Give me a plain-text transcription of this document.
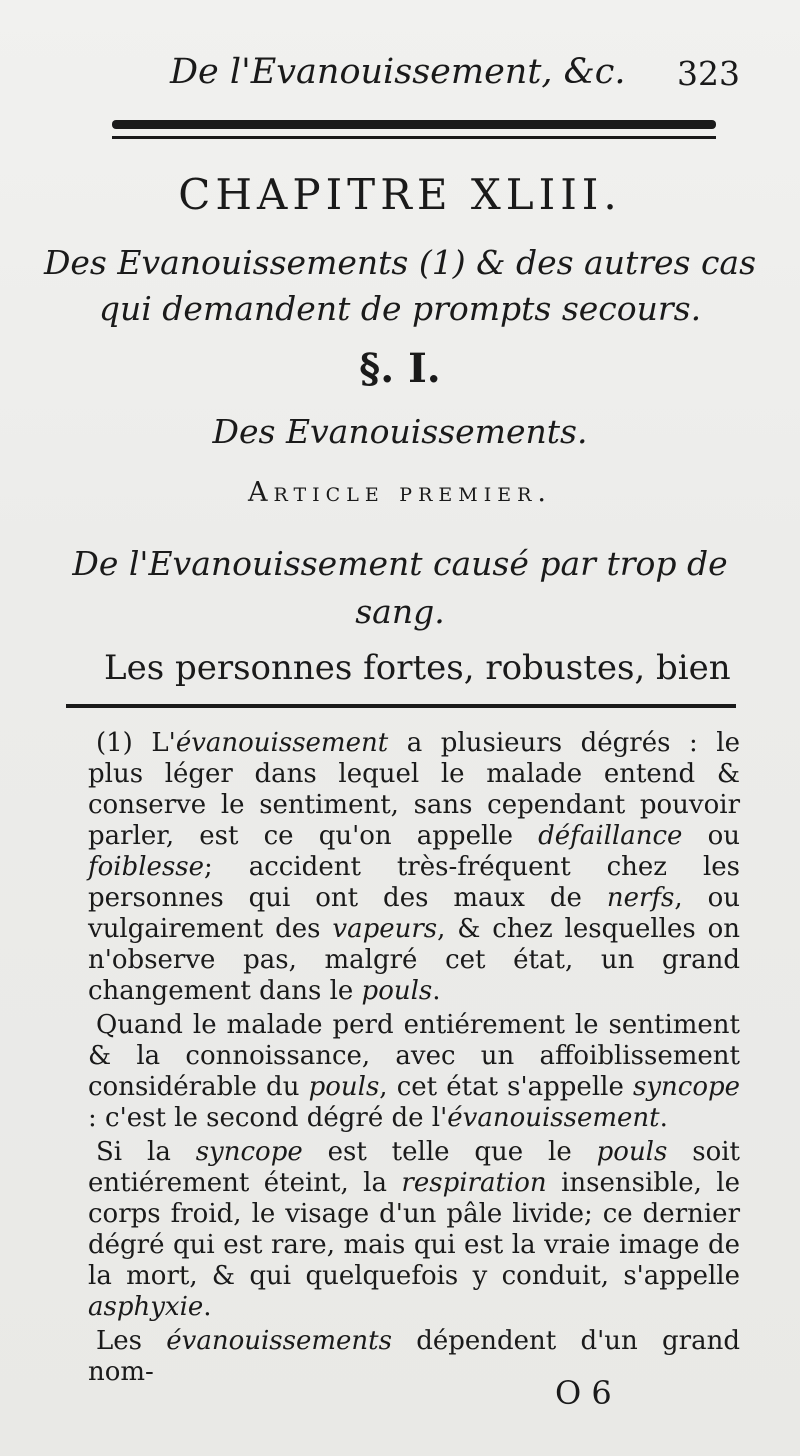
De l'Evanouissement, &c. 323
CHAPITRE XLIII.
Des Evanouissements (1) & des autres cas
qui demandent de prompts secours.
§. I.
Des Evanouissements.
Article premier.
De l'Evanouissement causé par trop de
sang.
Les personnes fortes, robustes, bien

(1) L'évanouissement a plusieurs dégrés : le plus léger dans lequel le malade entend & conserve le sentiment, sans cependant pouvoir parler, est ce qu'on appelle défaillance ou foiblesse; accident très-fréquent chez les personnes qui ont des maux de nerfs, ou vulgairement des vapeurs, & chez lesquelles on n'observe pas, malgré cet état, un grand changement dans le pouls.

Quand le malade perd entiérement le sentiment & la connoissance, avec un affoiblissement considérable du pouls, cet état s'appelle syncope : c'est le second dégré de l'évanouissement.

Si la syncope est telle que le pouls soit entiérement éteint, la respiration insensible, le corps froid, le visage d'un pâle livide; ce dernier dégré qui est rare, mais qui est la vraie image de la mort, & qui quelquefois y conduit, s'appelle asphyxie.

Les évanouissements dépendent d'un grand nom-

O 6
